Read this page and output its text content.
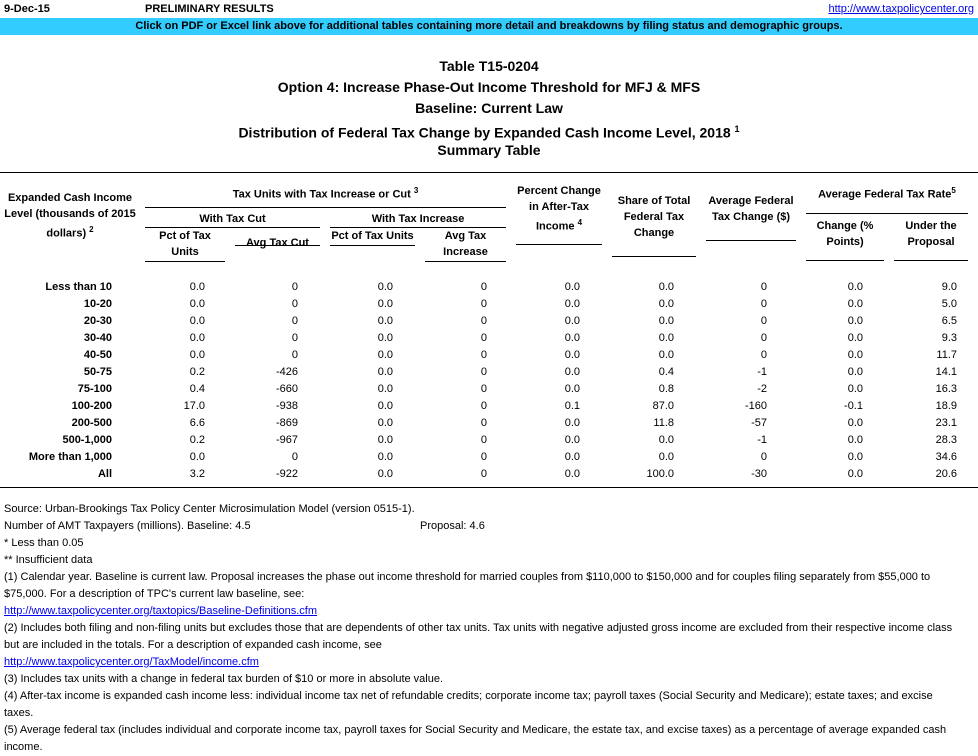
9-Dec-15	PRELIMINARY RESULTS	http://www.taxpolicycenter.org
Click on PDF or Excel link above for additional tables containing more detail and breakdowns by filing status and demographic groups.
Table T15-0204
Option 4: Increase Phase-Out Income Threshold for MFJ & MFS
Baseline: Current Law
Distribution of Federal Tax Change by Expanded Cash Income Level, 2018 $^1$
Summary Table
Expanded Cash Income Level (thousands of 2015 dollars) $^2$
Tax Units with Tax Increase or Cut $^3$
With Tax Cut	With Tax Increase
Pct of Tax Units
Avg Tax Cut
Pct of Tax Units	Avg Tax Increase
Percent Change in After-Tax Income $^4$
Share of Total Federal Tax Change
Average Federal Tax Change ($)
Average Federal Tax Rate$^5$
Change (% Points)
Under the Proposal
Less than 10	0.0	0	0.0	0	0.0	0.0	0	0.0	9.0
10-20	0.0	0	0.0	0	0.0	0.0	0	0.0	5.0
20-30	0.0	0	0.0	0	0.0	0.0	0	0.0	6.5
30-40	0.0	0	0.0	0	0.0	0.0	0	0.0	9.3
40-50	0.0	0	0.0	0	0.0	0.0	0	0.0	11.7
50-75	0.2	-426	0.0	0	0.0	0.4	-1	0.0	14.1
75-100	0.4	-660	0.0	0	0.0	0.8	-2	0.0	16.3
100-200	17.0	-938	0.0	0	0.1	87.0	-160	-0.1	18.9
200-500	6.6	-869	0.0	0	0.0	11.8	-57	0.0	23.1
500-1,000	0.2	-967	0.0	0	0.0	0.0	-1	0.0	28.3
More than 1,000	0.0	0	0.0	0	0.0	0.0	0	0.0	34.6
All	3.2	-922	0.0	0	0.0	100.0	-30	0.0	20.6
Source: Urban-Brookings Tax Policy Center Microsimulation Model (version 0515-1).
Number of AMT Taxpayers (millions). Baseline: 4.5	Proposal: 4.6
* Less than 0.05
** Insufficient data
(1) Calendar year. Baseline is current law. Proposal increases the phase out income threshold for married couples from $110,000 to $150,000 and for couples filing separately from $55,000 to $75,000. For a description of TPC's current law baseline, see:
http://www.taxpolicycenter.org/taxtopics/Baseline-Definitions.cfm
(2) Includes both filing and non-filing units but excludes those that are dependents of other tax units. Tax units with negative adjusted gross income are excluded from their respective income class but are included in the totals. For a description of expanded cash income, see
http://www.taxpolicycenter.org/TaxModel/income.cfm
(3) Includes tax units with a change in federal tax burden of $10 or more in absolute value.
(4) After-tax income is expanded cash income less: individual income tax net of refundable credits; corporate income tax; payroll taxes (Social Security and Medicare); estate taxes; and excise taxes.
(5) Average federal tax (includes individual and corporate income tax, payroll taxes for Social Security and Medicare, the estate tax, and excise taxes) as a percentage of average expanded cash income.
